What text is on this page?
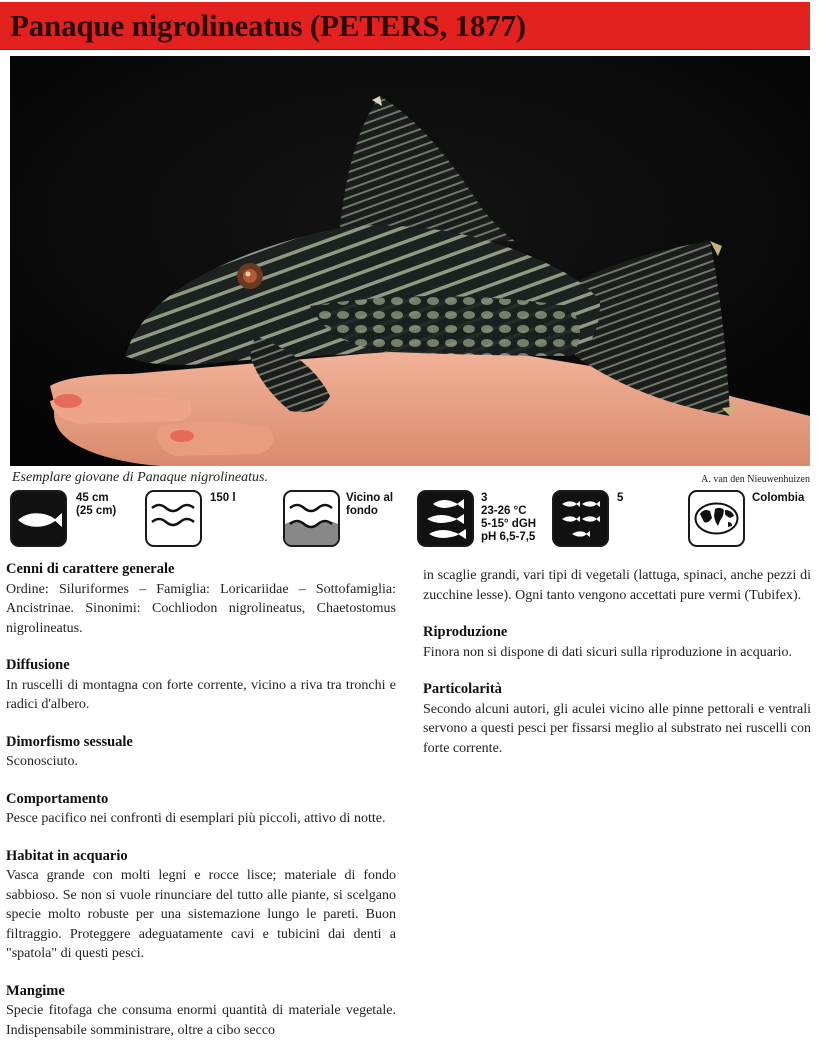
Panaque nigrolineatus (PETERS, 1877)
Esemplare giovane di Panaque nigrolineatus.	A. van den Nieuwenhuizen
45 cm
(25 cm)
150 l	Vicino al
fondo
3
23-26 °C
5-15° dGH
pH 6,5-7,5
5	Colombia
Cenni di carattere generale
Ordine: Siluriformes – Famiglia: Loricariidae – Sottofamiglia: Ancistrinae. Sinonimi: Cochliodon nigrolineatus, Chaetostomus nigrolineatus.
Diffusione
In ruscelli di montagna con forte corrente, vicino a riva tra tronchi e radici d'albero.
Dimorfismo sessuale
Sconosciuto.
Comportamento
Pesce pacifico nei confronti di esemplari più piccoli, attivo di notte.
Habitat in acquario
Vasca grande con molti legni e rocce lisce; materiale di fondo sabbioso. Se non si vuole rinunciare del tutto alle piante, si scelgano specie molto robuste per una sistemazione lungo le pareti. Buon filtraggio. Proteggere adeguatamente cavi e tubicini dai denti a "spatola" di questi pesci.
Mangime
Specie fitofaga che consuma enormi quantità di materiale vegetale. Indispensabile somministrare, oltre a cibo secco
in scaglie grandi, vari tipi di vegetali (lattuga, spinaci, anche pezzi di zucchine lesse). Ogni tanto vengono accettati pure vermi (Tubifex).
Riproduzione
Finora non si dispone di dati sicuri sulla riproduzione in acquario.
Particolarità
Secondo alcuni autori, gli aculei vicino alle pinne pettorali e ventrali servono a questi pesci per fissarsi meglio al substrato nei ruscelli con forte corrente.
